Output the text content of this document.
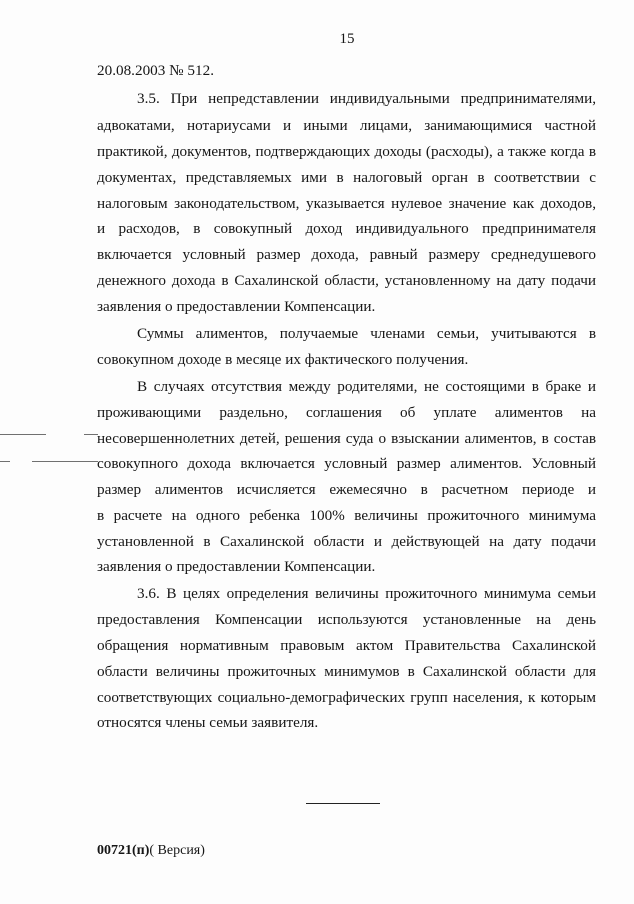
15
20.08.2003 № 512.
3.5. При непредставлении индивидуальными предпринимателями,
адвокатами, нотариусами и иными лицами, занимающимися частной
практикой, документов, подтверждающих доходы (расходы), а также когда в
документах, представляемых ими в налоговый орган в соответствии с
налоговым законодательством, указывается нулевое значение как доходов,
и расходов, в совокупный доход индивидуального предпринимателя
включается условный размер дохода, равный размеру среднедушевого
денежного дохода в Сахалинской области, установленному на дату подачи
заявления о предоставлении Компенсации.
Суммы алиментов, получаемые членами семьи, учитываются в
совокупном доходе в месяце их фактического получения.
В случаях отсутствия между родителями, не состоящими в браке и
проживающими раздельно, соглашения об уплате алиментов на
несовершеннолетних детей, решения суда о взыскании алиментов, в состав
совокупного дохода включается условный размер алиментов. Условный
размер алиментов исчисляется ежемесячно в расчетном периоде и
в расчете на одного ребенка 100% величины прожиточного минимума
установленной в Сахалинской области и действующей на дату подачи
заявления о предоставлении Компенсации.
3.6. В целях определения величины прожиточного минимума семьи
предоставления Компенсации используются установленные на день
обращения нормативным правовым актом Правительства Сахалинской
области величины прожиточных минимумов в Сахалинской области для
соответствующих социально-демографических групп населения, к которым
относятся члены семьи заявителя.
00721(п)( Версия)
